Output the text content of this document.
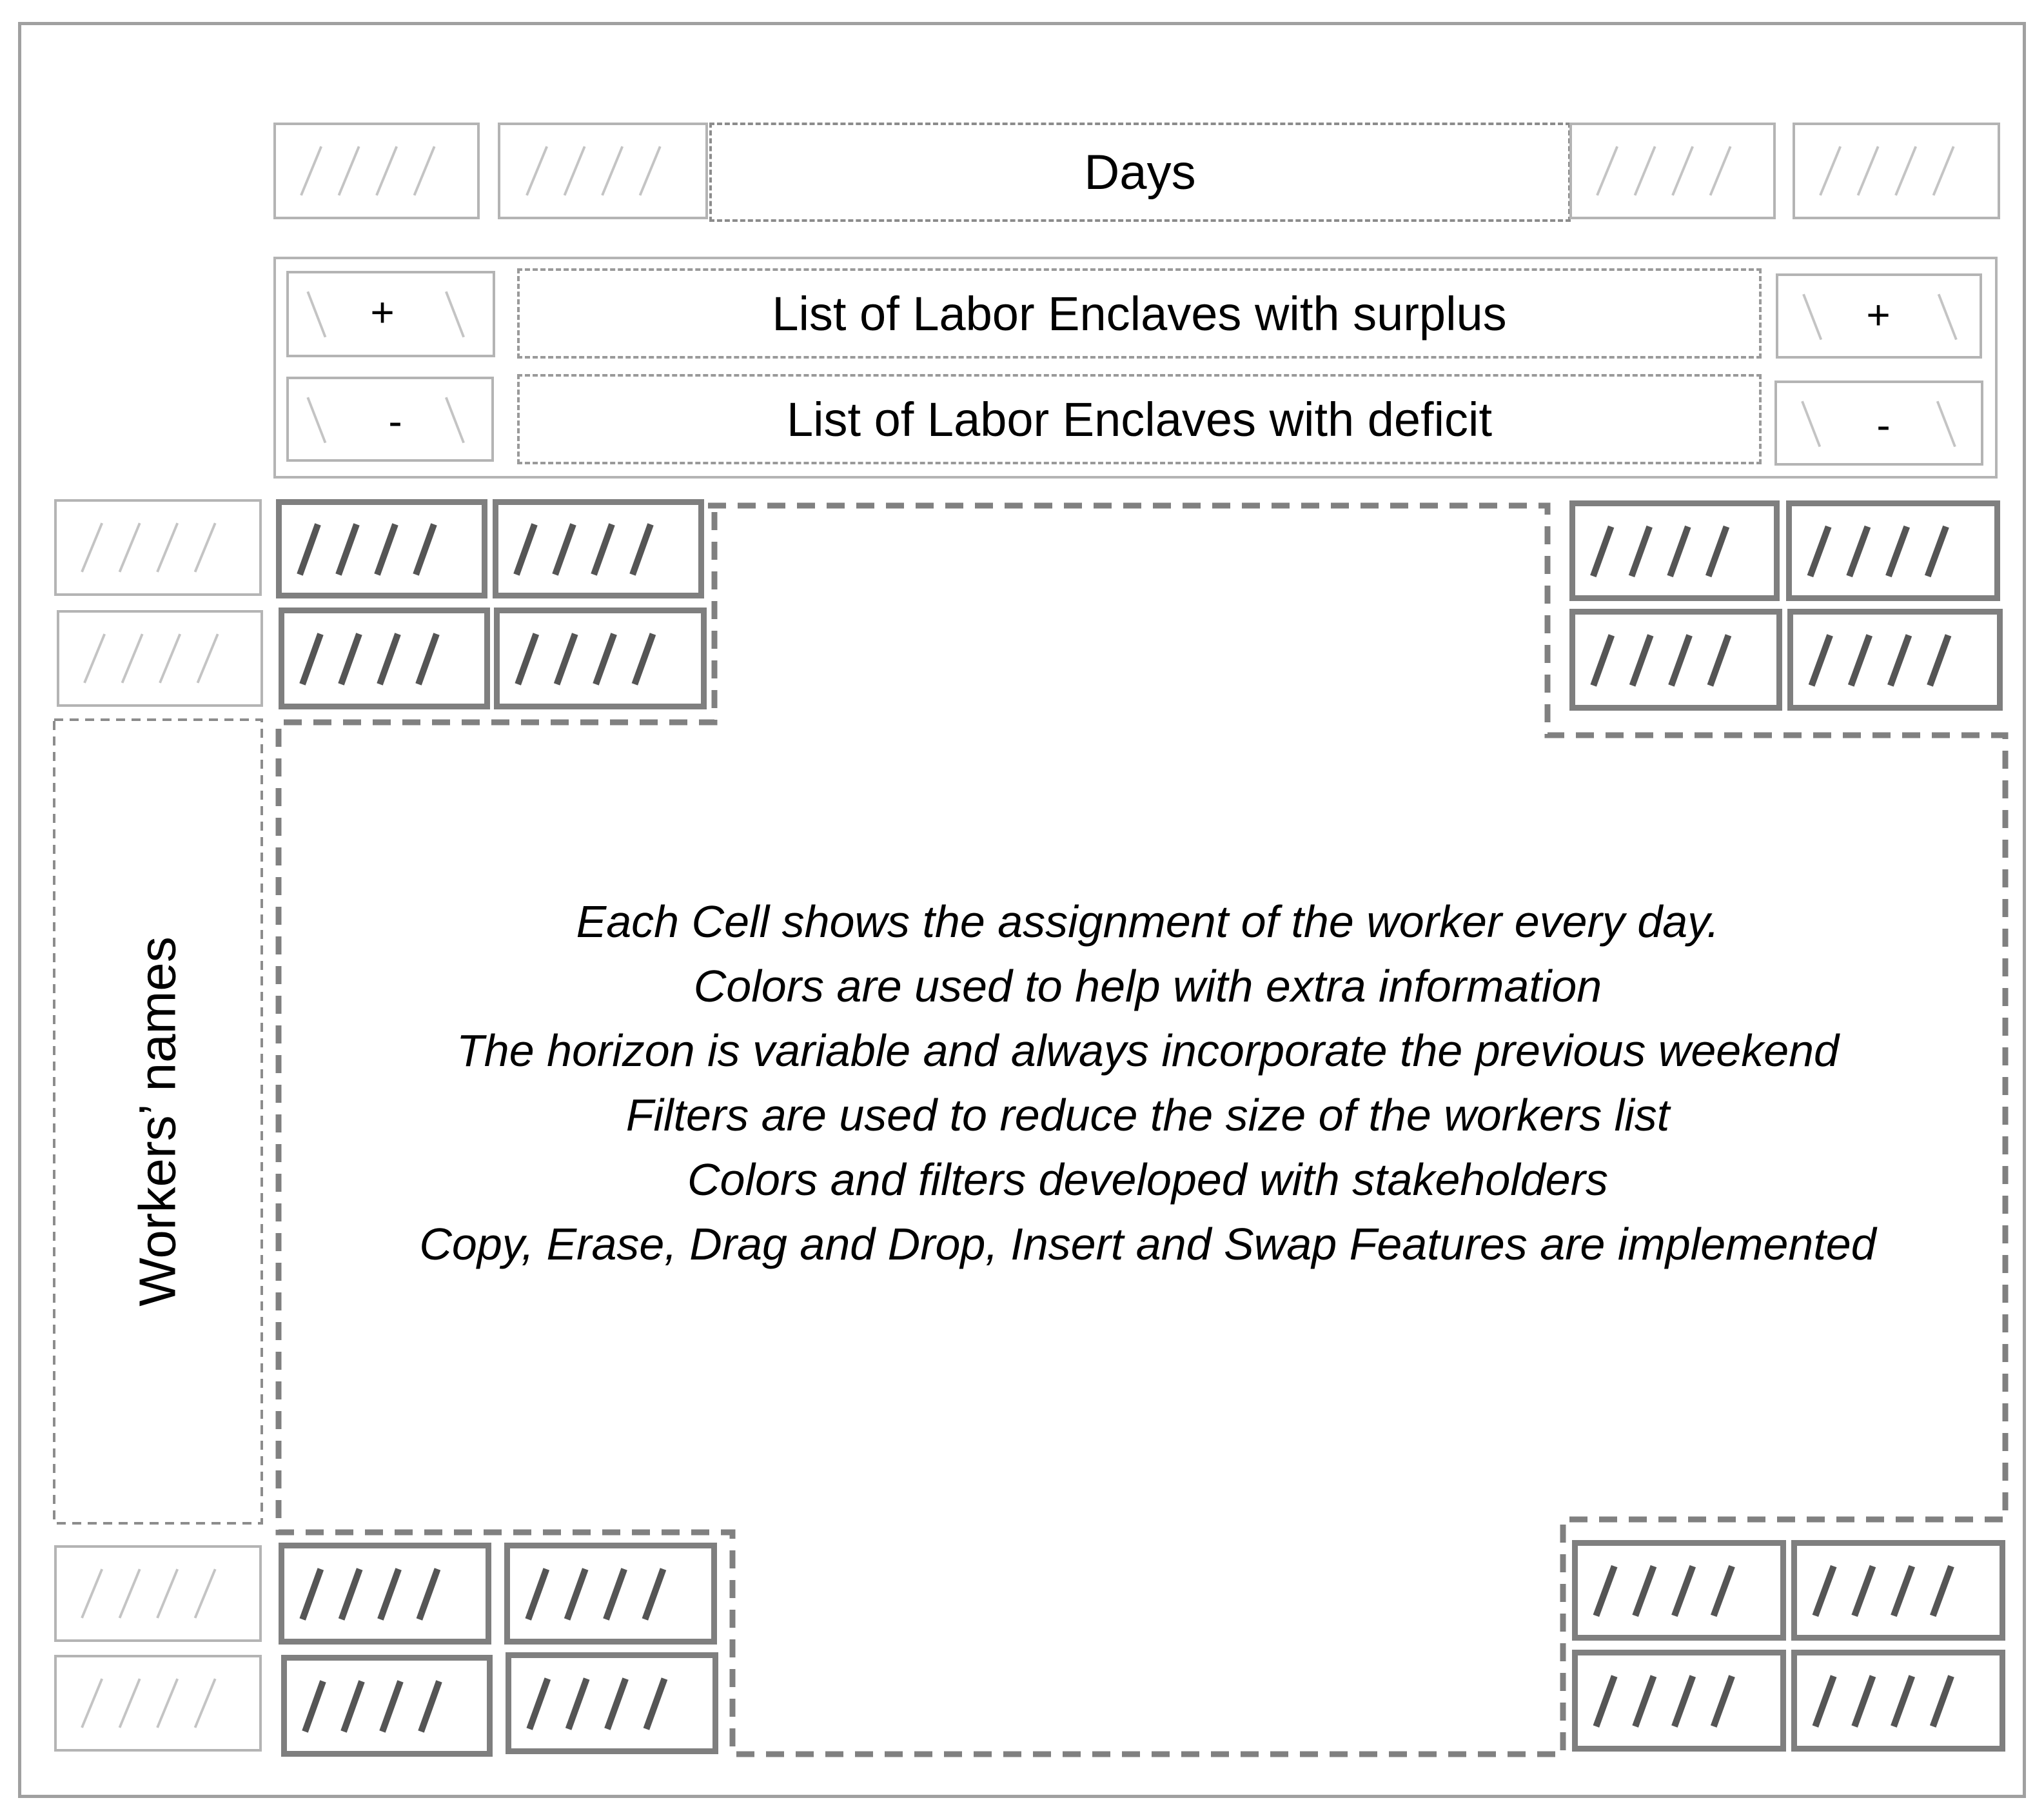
Days
+
-
List of Labor Enclaves with surplus
List of Labor Enclaves with deficit
+
-
Workers’ names
Each Cell shows the assignment of the worker every day.
Colors are used to help with extra information
The horizon is variable and always incorporate the previous weekend
Filters are used to reduce the size of the workers list
Colors and filters developed with stakeholders
Copy, Erase, Drag and Drop, Insert and Swap Features are implemented
